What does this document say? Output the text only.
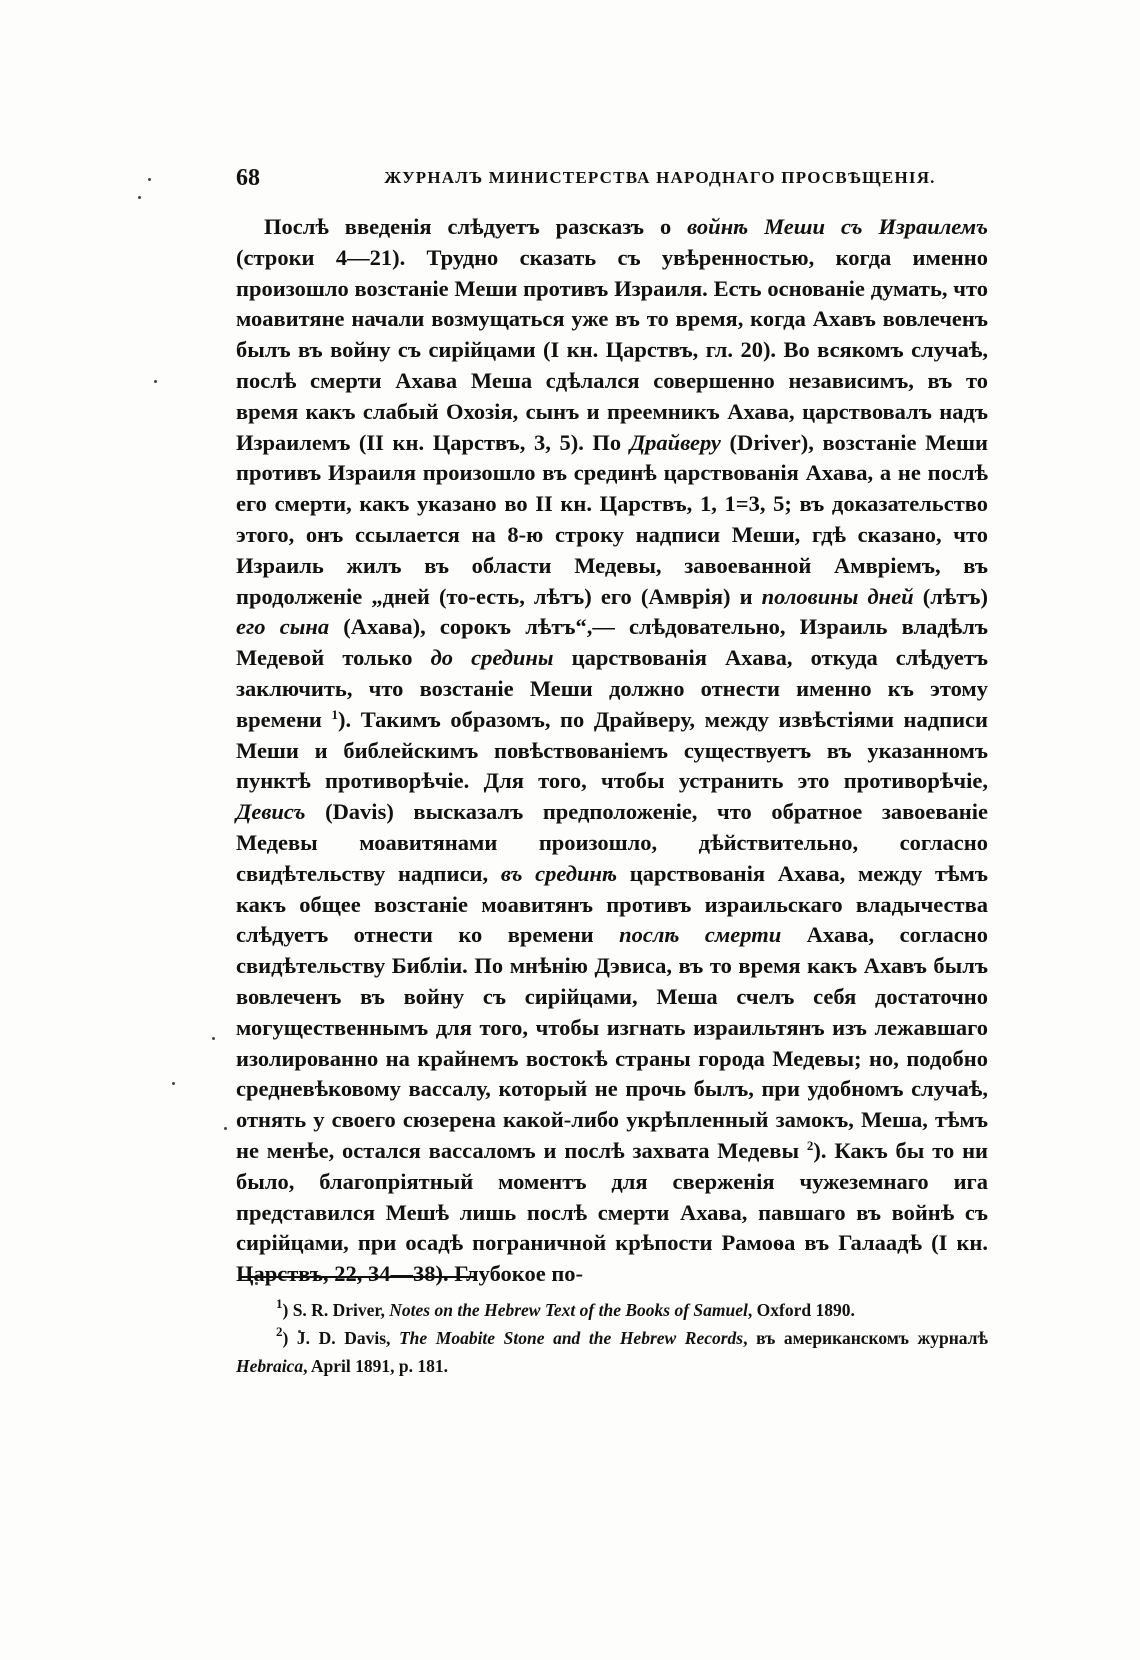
68	ЖУРНАЛЪ МИНИСТЕРСТВА НАРОДНАГО ПРОСВѢЩЕНІЯ.
Послѣ введенія слѣдуетъ разсказъ о войнѣ Меши съ Израилемъ (строки 4—21). Трудно сказать съ увѣренностью, когда именно произошло возстаніе Меши противъ Израиля. Есть основаніе думать, что моавитяне начали возмущаться уже въ то время, когда Ахавъ вовлеченъ былъ въ войну съ сирійцами (I кн. Царствъ, гл. 20). Во всякомъ случаѣ, послѣ смерти Ахава Меша сдѣлался совершенно независимъ, въ то время какъ слабый Охозія, сынъ и преемникъ Ахава, царствовалъ надъ Израилемъ (II кн. Царствъ, 3, 5). По Драйверу (Driver), возстаніе Меши противъ Израиля произошло въ срединѣ царствованія Ахава, а не послѣ его смерти, какъ указано во II кн. Царствъ, 1, 1=3, 5; въ доказательство этого, онъ ссылается на 8-ю строку надписи Меши, гдѣ сказано, что Израиль жилъ въ области Медевы, завоеванной Амвріемъ, въ продолженіе „дней (то-есть, лѣтъ) его (Амврія) и половины дней (лѣтъ) его сына (Ахава), сорокъ лѣтъ“,— слѣдовательно, Израиль владѣлъ Медевой только до средины царствованія Ахава, откуда слѣдуетъ заключить, что возстаніе Меши должно отнести именно къ этому времени $^1$). Такимъ образомъ, по Драйверу, между извѣстіями надписи Меши и библейскимъ повѣствованіемъ существуетъ въ указанномъ пунктѣ противорѣчіе. Для того, чтобы устранить это противорѣчіе, Девисъ (Davis) высказалъ предположеніе, что обратное завоеваніе Медевы моавитянами произошло, дѣйствительно, согласно свидѣтельству надписи, въ срединѣ царствованія Ахава, между тѣмъ какъ общее возстаніе моавитянъ противъ израильскаго владычества слѣдуетъ отнести ко времени послѣ смерти Ахава, согласно свидѣтельству Библіи. По мнѣнію Дэвиса, въ то время какъ Ахавъ былъ вовлеченъ въ войну съ сирійцами, Меша счелъ себя достаточно могущественнымъ для того, чтобы изгнать израильтянъ изъ лежавшаго изолированно на крайнемъ востокѣ страны города Медевы; но, подобно средневѣковому вассалу, который не прочь былъ, при удобномъ случаѣ, отнять у своего сюзерена какой-либо укрѣпленный замокъ, Меша, тѣмъ не менѣе, остался вассаломъ и послѣ захвата Медевы $^2$). Какъ бы то ни было, благопріятный моментъ для сверженія чужеземнаго ига представился Мешѣ лишь послѣ смерти Ахава, павшаго въ войнѣ съ сирійцами, при осадѣ пограничной крѣпости Рамоѳа въ Галаадѣ (I кн. Царствъ, 22, 34—38). Глубокое по-

$^1$) S. R. Driver, Notes on the Hebrew Text of the Books of Samuel, Oxford 1890.

$^2$) J. D. Davis, The Moabite Stone and the Hebrew Records, въ американскомъ журналѣ Hebraica, April 1891, p. 181.
